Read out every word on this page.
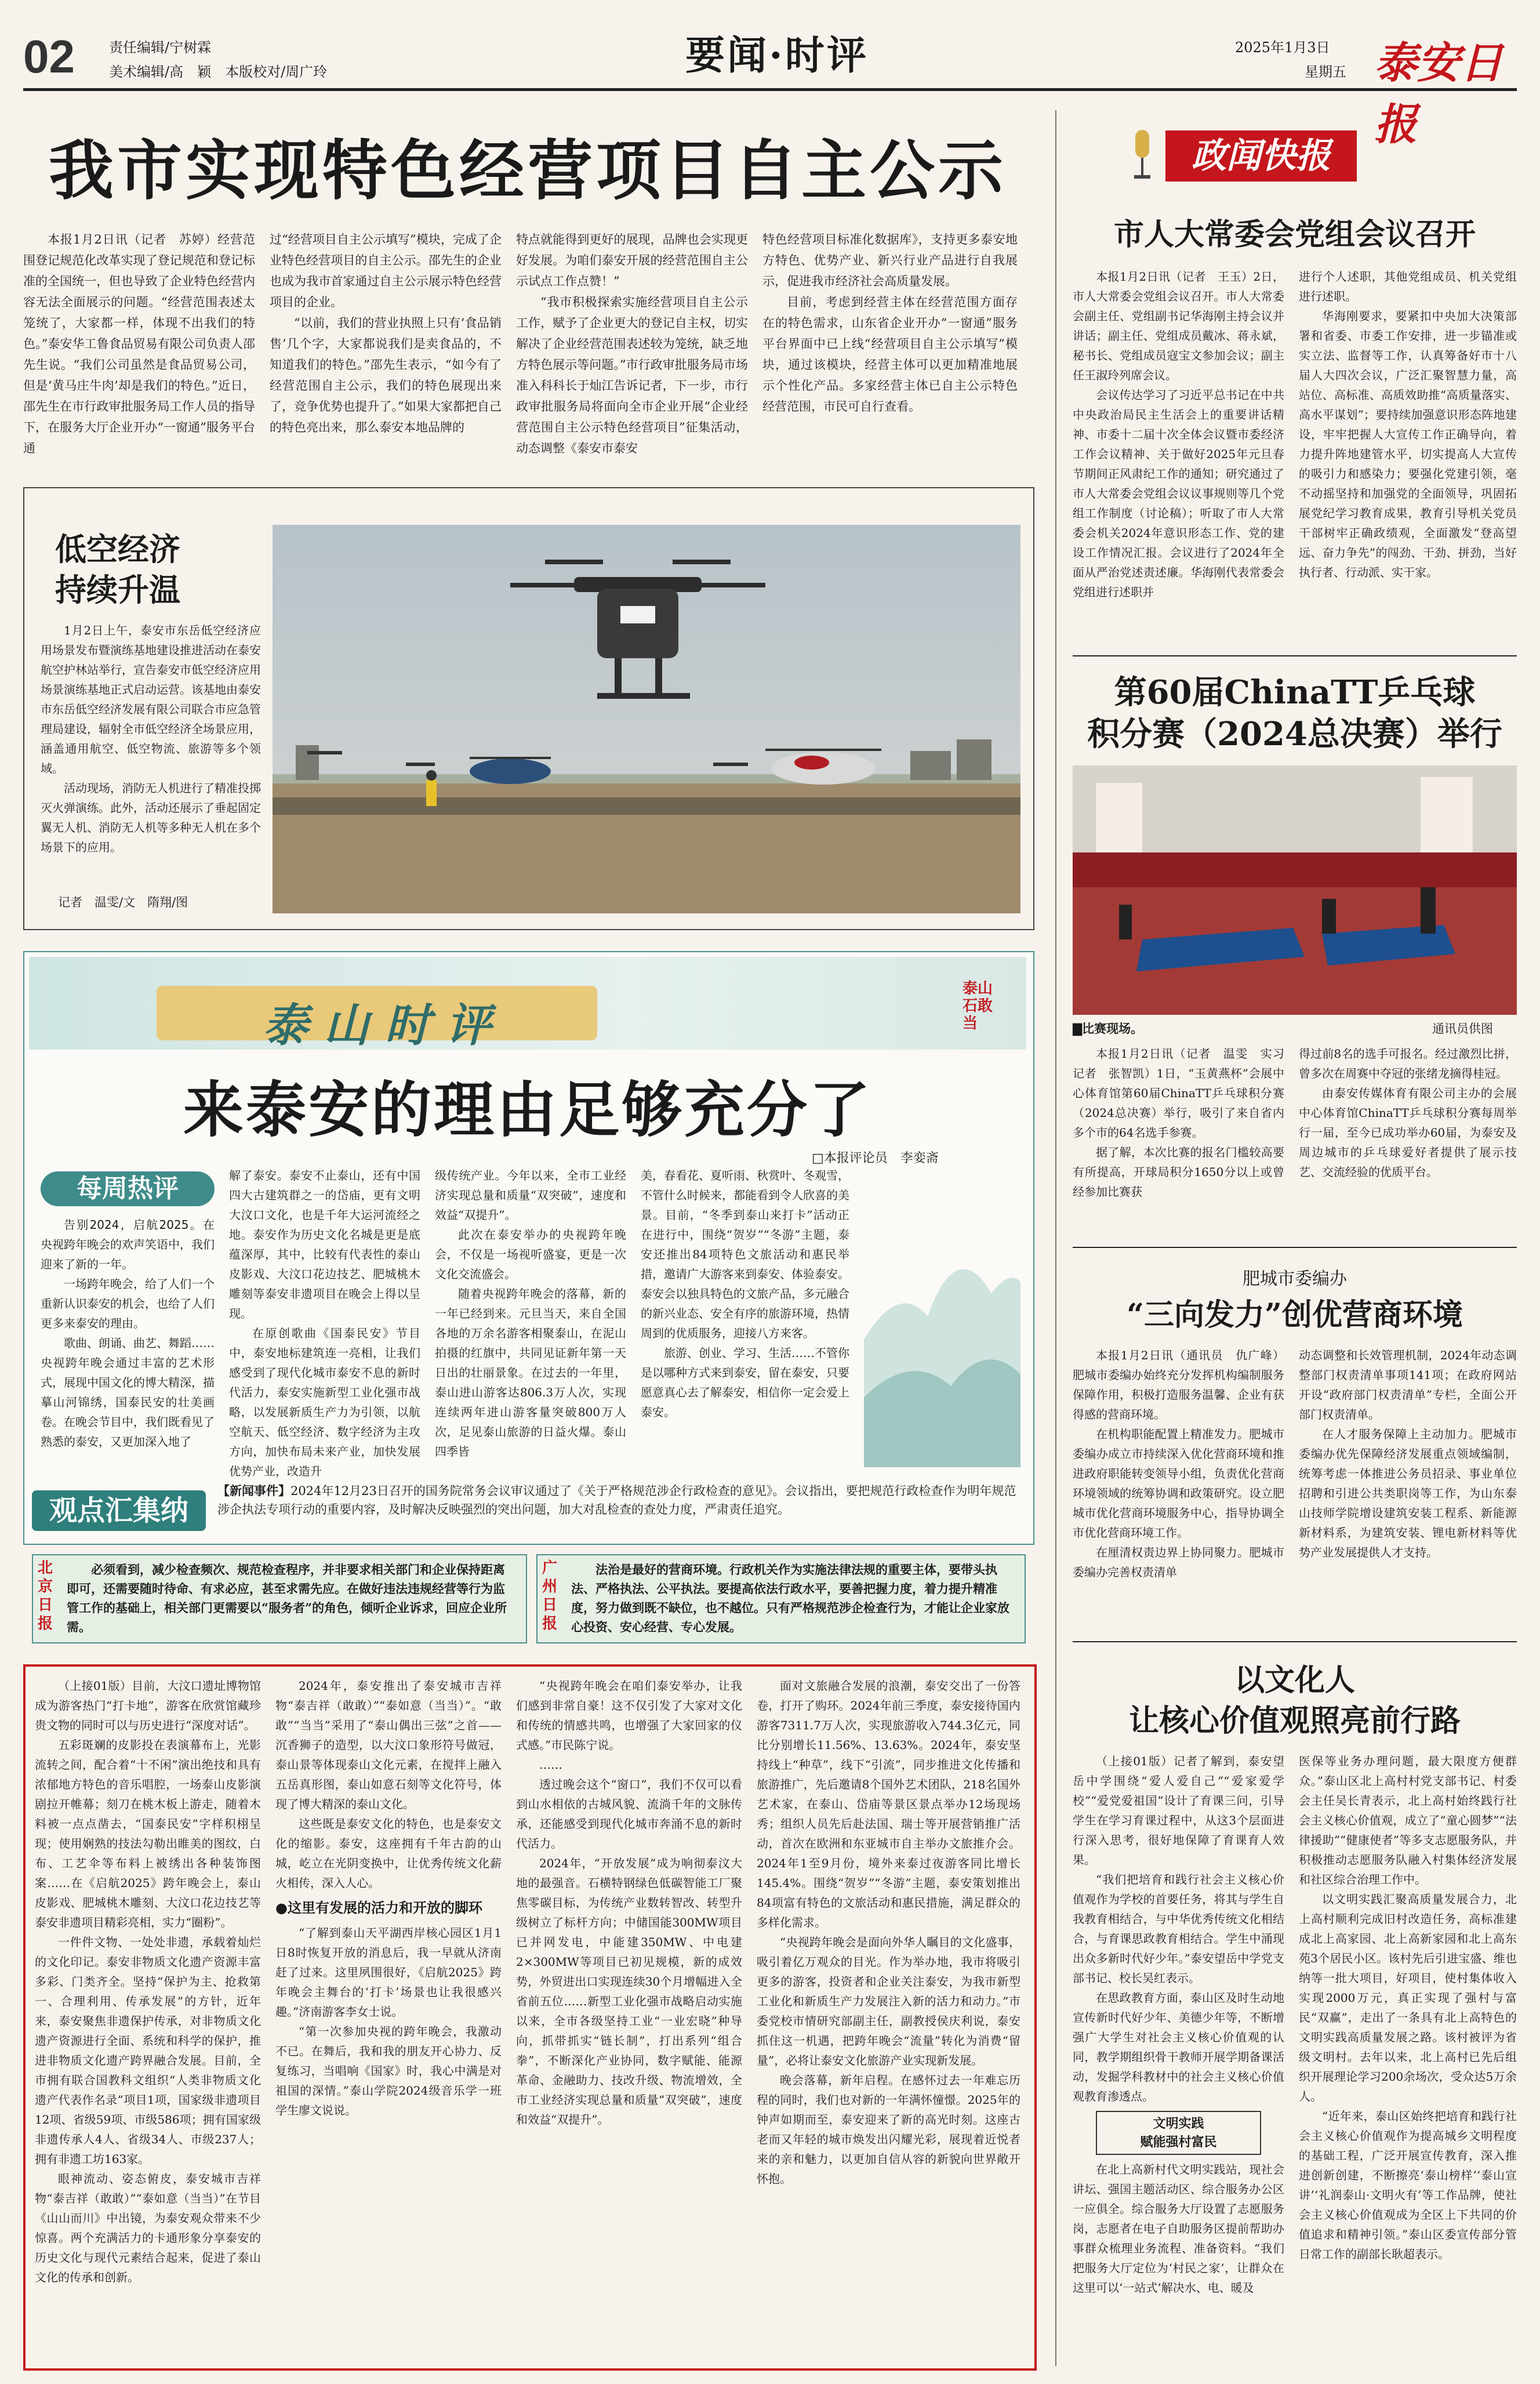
02 责任编辑/宁树霖
美术编辑/高　颖　本版校对/周广玲	要闻·时评	2025年1月3日
星期五 泰安日报
我市实现特色经营项目自主公示

本报1月2日讯（记者　苏婷）经营范围登记规范化改革实现了登记规范和登记标准的全国统一，但也导致了企业特色经营内容无法全面展示的问题。“经营范围表述太笼统了，大家都一样，体现不出我们的特色。”泰安华工鲁食品贸易有限公司负责人邵先生说。“我们公司虽然是食品贸易公司，但是‘黄马庄牛肉’却是我们的特色。”近日，邵先生在市行政审批服务局工作人员的指导下，在服务大厅企业开办“一窗通”服务平台通

过“经营项目自主公示填写”模块，完成了企业特色经营项目的自主公示。邵先生的企业也成为我市首家通过自主公示展示特色经营项目的企业。

“以前，我们的营业执照上只有‘食品销售’几个字，大家都说我们是卖食品的，不知道我们的特色。”邵先生表示，“如今有了经营范围自主公示，我们的特色展现出来了，竞争优势也提升了。”如果大家都把自己的特色亮出来，那么泰安本地品牌的

特点就能得到更好的展现，品牌也会实现更好发展。为咱们泰安开展的经营范围自主公示试点工作点赞！”

“我市积极探索实施经营项目自主公示工作，赋予了企业更大的登记自主权，切实解决了企业经营范围表述较为笼统，缺乏地方特色展示等问题。”市行政审批服务局市场准入科科长于灿江告诉记者，下一步，市行政审批服务局将面向全市企业开展“企业经营范围自主公示特色经营项目”征集活动，动态调整《泰安市泰安

特色经营项目标准化数据库》，支持更多泰安地方特色、优势产业、新兴行业产品进行自我展示，促进我市经济社会高质量发展。

目前，考虑到经营主体在经营范围方面存在的特色需求，山东省企业开办“一窗通”服务平台界面中已上线“经营项目自主公示填写”模块，通过该模块，经营主体可以更加精准地展示个性化产品。多家经营主体已自主公示特色经营范围，市民可自行查看。

低空经济
持续升温

1月2日上午，泰安市东岳低空经济应用场景发布暨演练基地建设推进活动在泰安航空护林站举行，宣告泰安市低空经济应用场景演练基地正式启动运营。该基地由泰安市东岳低空经济发展有限公司联合市应急管理局建设，辐射全市低空经济全场景应用，涵盖通用航空、低空物流、旅游等多个领域。

活动现场，消防无人机进行了精准投掷灭火弹演练。此外，活动还展示了垂起固定翼无人机、消防无人机等多种无人机在多个场景下的应用。

记者　温雯/文　隋翔/图
泰 山 时 评
泰山石敢当
来泰安的理由足够充分了
□本报评论员　李娈斋
每周热评

告别2024，启航2025。在央视跨年晚会的欢声笑语中，我们迎来了新的一年。

一场跨年晚会，给了人们一个重新认识泰安的机会，也给了人们更多来泰安的理由。

歌曲、朗诵、曲艺、舞蹈……央视跨年晚会通过丰富的艺术形式，展现中国文化的博大精深，描摹山河锦绣，国泰民安的壮美画卷。在晚会节目中，我们既看见了熟悉的泰安，又更加深入地了

解了泰安。泰安不止泰山，还有中国四大古建筑群之一的岱庙，更有文明大汶口文化，也是千年大运河流经之地。泰安作为历史文化名城是更是底蕴深厚，其中，比较有代表性的泰山皮影戏、大汶口花边技艺、肥城桃木雕刻等泰安非遗项目在晚会上得以呈现。

在原创歌曲《国泰民安》节目中，泰安地标建筑连一亮相，让我们感受到了现代化城市泰安不息的新时代活力，泰安实施新型工业化强市战略，以发展新质生产力为引领，以航空航天、低空经济、数字经济为主攻方向，加快布局未来产业，加快发展优势产业，改造升

级传统产业。今年以来，全市工业经济实现总量和质量“双突破”，速度和效益“双提升”。

此次在泰安举办的央视跨年晚会，不仅是一场视听盛宴，更是一次文化交流盛会。

随着央视跨年晚会的落幕，新的一年已经到来。元旦当天，来自全国各地的万余名游客相聚泰山，在泥山拍摄的红旗中，共同见证新年第一天日出的壮丽景象。在过去的一年里，泰山进山游客达806.3万人次，实现连续两年进山游客量突破800万人次，足见泰山旅游的日益火爆。泰山四季皆

美，春看花、夏听雨、秋赏叶、冬观雪，不管什么时候来，都能看到令人欣喜的美景。目前，“冬季到泰山来打卡”活动正在进行中，围绕“贺岁”“冬游”主题，泰安还推出84项特色文旅活动和惠民举措，邀请广大游客来到泰安、体验泰安。泰安会以独具特色的文旅产品，多元融合的新兴业态、安全有序的旅游环境，热情周到的优质服务，迎接八方来客。

旅游、创业、学习、生活……不管你是以哪种方式来到泰安，留在泰安，只要愿意真心去了解泰安，相信你一定会爱上泰安。

观点汇集纳
【新闻事件】2024年12月23日召开的国务院常务会议审议通过了《关于严格规范涉企行政检查的意见》。会议指出，要把规范行政检查作为明年规范涉企执法专项行动的重要内容，及时解决反映强烈的突出问题，加大对乱检查的查处力度，严肃责任追究。
北京日报
必须看到，减少检查频次、规范检查程序，并非要求相关部门和企业保持距离即可，还需要随时待命、有求必应，甚至求需先应。在做好违法违规经营等行为监管工作的基础上，相关部门更需要以“服务者”的角色，倾听企业诉求，回应企业所需。
广州日报
法治是最好的营商环境。行政机关作为实施法律法规的重要主体，要带头执法、严格执法、公平执法。要提高依法行政水平，要善把握力度，着力提升精准度，努力做到既不缺位，也不越位。只有严格规范涉企检查行为，才能让企业家放心投资、安心经营、专心发展。

（上接01版）目前，大汶口遗址博物馆成为游客热门“打卡地”，游客在欣赏馆藏珍贵文物的同时可以与历史进行“深度对话”。

五彩斑斓的皮影投在表演幕布上，光影流转之间，配合着“十不闲”演出绝技和具有浓郁地方特色的音乐唱腔，一场泰山皮影演剧拉开帷幕；刻刀在桃木板上游走，随着木料被一点点凿去，“国泰民安”字样积栩呈现；使用娴熟的技法勾勒出睢美的图纹，白布、工艺伞等布料上被绣出各种装饰图案……在《启航2025》跨年晚会上，泰山皮影戏、肥城桃木雕刻、大汶口花边技艺等泰安非遗项目精彩亮相，实力“圈粉”。

一件件文物、一处处非遗，承载着灿烂的文化印记。泰安非物质文化遗产资源丰富多彩、门类齐全。坚持“保护为主、抢救第一、合理利用、传承发展”的方针，近年来，泰安聚焦非遗保护传承，对非物质文化遗产资源进行全面、系统和科学的保护，推进非物质文化遗产跨界融合发展。目前，全市拥有联合国教科文组织“人类非物质文化遗产代表作名录”项目1项，国家级非遗项目12项、省级59项、市级586项；拥有国家级非遗传承人4人、省级34人、市级237人；拥有非遗工坊163家。

眼神流动、姿态俯皮，泰安城市吉祥物“泰吉祥（敢敢）”“泰如意（当当）”在节目《山山而川》中出镜，为泰安观众带来不少惊喜。两个充满活力的卡通形象分享泰安的历史文化与现代元素结合起来，促进了泰山文化的传承和创新。

2024年，泰安推出了泰安城市吉祥物“泰吉祥（敢敢）”“泰如意（当当）”。“敢敢”“当当”采用了“泰山偶出三弦”之首——沉香狮子的造型，以大汶口象形符号做冠，泰山景等体现泰山文化元素，在搅拌上融入五岳真形图，泰山如意石刻等文化符号，体现了博大精深的泰山文化。

这些既是泰安文化的特色，也是泰安文化的缩影。泰安，这座拥有千年古韵的山城，屹立在光阴变换中，让优秀传统文化薪火相传，深入人心。

●这里有发展的活力和开放的脚环

“了解到泰山天平湖西岸核心园区1月1日8时恢复开放的消息后，我一早就从济南赶了过来。这里夙围很好，《启航2025》跨年晚会主舞台的‘打卡’场景也让我很感兴趣。”济南游客李女士说。

“第一次参加央视的跨年晚会，我激动不已。在舞后，我和我的朋友开心协力、反复练习，当唱响《国家》时，我心中满是对祖国的深情。”泰山学院2024级音乐学一班学生廖文说说。

“央视跨年晚会在咱们泰安举办，让我们感到非常自豪！这不仅引发了大家对文化和传统的情感共鸣，也增强了大家回家的仪式感。”市民陈宁说。

……

透过晚会这个“窗口”，我们不仅可以看到山水相依的古城风貌、流淌千年的文脉传承，还能感受到现代化城市奔涌不息的新时代活力。

2024年，“开放发展”成为响彻泰汶大地的最强音。石横特钢绿色低碳智能工厂聚焦零碳目标，为传统产业数转智改、转型升级树立了标杆方向；中储国能300MW项目已并网发电，中能建350MW、中电建2×300MW等项目已初见规模，新的成效势，外贸进出口实现连续30个月增幅进入全省前五位……新型工业化强市战略启动实施以来，全市各级坚持工业“一业宏晓”种导向，抓带抓实“链长制”，打出系列“组合拳”，不断深化产业协同，数字赋能、能源革命、金融助力、技改升级、物流增效，全市工业经济实现总量和质量“双突破”，速度和效益“双提升”。

面对文旅融合发展的浪潮，泰安交出了一份答卷，打开了购环。2024年前三季度，泰安接待国内游客7311.7万人次，实现旅游收入744.3亿元，同比分别增长11.56%、13.63%。2024年，泰安坚持线上“种草”，线下“引流”，同步推进文化传播和旅游推广，先后邀请8个国外艺术团队，218名国外艺术家，在泰山、岱庙等景区景点举办12场现场秀；组织人员先后赴法国、瑞士等开展营销推广活动，首次在欧洲和东亚城市自主举办文旅推介会。2024年1至9月份，境外来泰过夜游客同比增长145.4%。围绕“贺岁”“冬游”主题，泰安策划推出84项富有特色的文旅活动和惠民措施，满足群众的多样化需求。

“央视跨年晚会是面向外华人瞩目的文化盛事，吸引着亿万观众的目光。作为举办地，我市将吸引更多的游客，投资者和企业关注泰安，为我市新型工业化和新质生产力发展注入新的活力和动力。”市委党校市情研究部副主任，副教授侯庆利说，泰安抓住这一机遇，把跨年晚会“流量”转化为消费“留量”，必将让泰安文化旅游产业实现新发展。

晚会落幕，新年启程。在感怀过去一年难忘历程的同时，我们也对新的一年满怀憧憬。2025年的钟声如期而至，泰安迎来了新的高光时刻。这座古老而又年轻的城市焕发出闪耀光彩，展现着近悦者来的亲和魅力，以更加自信从容的新貌向世界敞开怀抱。

政闻快报
市人大常委会党组会议召开

本报1月2日讯（记者　王玉）2日，市人大常委会党组会议召开。市人大常委会副主任、党组副书记华海刚主持会议并讲话；副主任、党组成员戴冰、蒋永斌，秘书长、党组成员寇宝文参加会议；副主任王淑玲列席会议。

会议传达学习了习近平总书记在中共中央政治局民主生活会上的重要讲话精神、市委十二届十次全体会议暨市委经济工作会议精神、关于做好2025年元旦春节期间正风肃纪工作的通知；研究通过了市人大常委会党组会议议事规则等几个党组工作制度（讨论稿）；听取了市人大常委会机关2024年意识形态工作、党的建设工作情况汇报。会议进行了2024年全面从严治党述责述廉。华海刚代表常委会党组进行述职并

进行个人述职，其他党组成员、机关党组进行述职。

华海刚要求，要紧扣中央加大决策部署和省委、市委工作安排，进一步锚准或实立法、监督等工作，认真筹备好市十八届人大四次会议，广泛汇聚智慧力量，高站位、高标准、高质效助推“高质量落实、高水平谋划”；要持续加强意识形态阵地建设，牢牢把握人大宣传工作正确导向，着力提升阵地建管水平，切实提高人大宣传的吸引力和感染力；要强化党建引领，毫不动摇坚持和加强党的全面领导，巩固拓展党纪学习教育成果，教育引导机关党员干部树牢正确政绩观，全面激发“登高望远、奋力争先”的闯劲、干劲、拼劲，当好执行者、行动派、实干家。

第60届ChinaTT乒乓球
积分赛（2024总决赛）举行
▇比赛现场。	通讯员供图

本报1月2日讯（记者　温雯　实习记者　张智凯）1日，“玉黄燕杯”会展中心体育馆第60届ChinaTT乒乓球积分赛（2024总决赛）举行，吸引了来自省内多个市的64名选手参赛。

据了解，本次比赛的报名门槛较高要有所提高，开球局积分1650分以上或曾经参加比赛获

得过前8名的选手可报名。经过激烈比拼，曾多次在周赛中夺冠的张绪龙摘得桂冠。

由泰安传媒体育有限公司主办的会展中心体育馆ChinaTT乒乓球积分赛每周举行一届，至今已成功举办60届，为泰安及周边城市的乒乓球爱好者提供了展示技艺、交流经验的优质平台。

肥城市委编办
“三向发力”创优营商环境

本报1月2日讯（通讯员　仇广峰）肥城市委编办始终充分发挥机构编制服务保障作用，积极打造服务温馨、企业有获得感的营商环境。

在机构职能配置上精准发力。肥城市委编办成立市持续深入优化营商环境和推进政府职能转变领导小组，负责优化营商环境领域的统筹协调和政策研究。设立肥城市优化营商环境服务中心，指导协调全市优化营商环境工作。

在厘清权责边界上协同聚力。肥城市委编办完善权责清单

动态调整和长效管理机制，2024年动态调整部门权责清单事项141项；在政府网站开设“政府部门权责清单”专栏，全面公开部门权责清单。

在人才服务保障上主动加力。肥城市委编办优先保障经济发展重点领域编制，统筹考虑一体推进公务员招录、事业单位招聘和引进公共类职岗等工作，为山东泰山技师学院增设建筑安装工程系、新能源新材料系，为建筑安装、锂电新材料等优势产业发展提供人才支持。

以文化人
让核心价值观照亮前行路

（上接01版）记者了解到，泰安望岳中学围绕“爱人爱自己”“爱家爱学校”“爱党爱祖国”设计了育课三问，引导学生在学习育课过程中，从这3个层面进行深入思考，很好地保障了育课育人效果。

“我们把培育和践行社会主义核心价值观作为学校的首要任务，将其与学生自我教育相结合，与中华优秀传统文化相结合，与育课思政教育相结合。学生中涌现出众多新时代好少年。”泰安望岳中学党支部书记、校长吴红表示。

在思政教育方面，泰山区及时生动地宣传新时代好少年、美德少年等，不断增强广大学生对社会主义核心价值观的认同，教学期组织骨干教师开展学期备课活动，发掘学科教材中的社会主义核心价值观教育渗透点。

文明实践
赋能强村富民

在北上高新村代文明实践站，现社会讲坛、强国主题活动区、综合服务办公区一应俱全。综合服务大厅设置了志愿服务岗，志愿者在电子自助服务区提前帮助办事群众梳理业务流程、准备资料。“我们把服务大厅定位为‘村民之家’，让群众在这里可以‘一站式’解决水、电、暖及

医保等业务办理问题，最大限度方便群众。”泰山区北上高村村党支部书记、村委会主任吴长青表示，北上高村始终践行社会主义核心价值观，成立了“童心圆梦”“法律援助”“健康使者”等多支志愿服务队，并积极推动志愿服务队融入村集体经济发展和社区综合治理工作中。

以文明实践汇聚高质量发展合力，北上高村顺利完成旧村改造任务，高标准建成北上高家园、北上高新家园和北上高东苑3个居民小区。该村先后引进宝盛、维也纳等一批大项目，好项目，使村集体收入实现2000万元，真正实现了强村与富民“双赢”，走出了一条具有北上高特色的文明实践高质量发展之路。该村被评为省级文明村。去年以来，北上高村已先后组织开展理论学习200余场次，受众达5万余人。

“近年来，泰山区始终把培育和践行社会主义核心价值观作为提高城乡文明程度的基础工程，广泛开展宣传教育，深入推进创新创建，不断擦亮‘泰山榜样’‘泰山宣讲’‘礼润泰山·文明火有’等工作品牌，使社会主义核心价值观成为全区上下共同的价值追求和精神引领。”泰山区委宣传部分管日常工作的副部长耿超表示。
